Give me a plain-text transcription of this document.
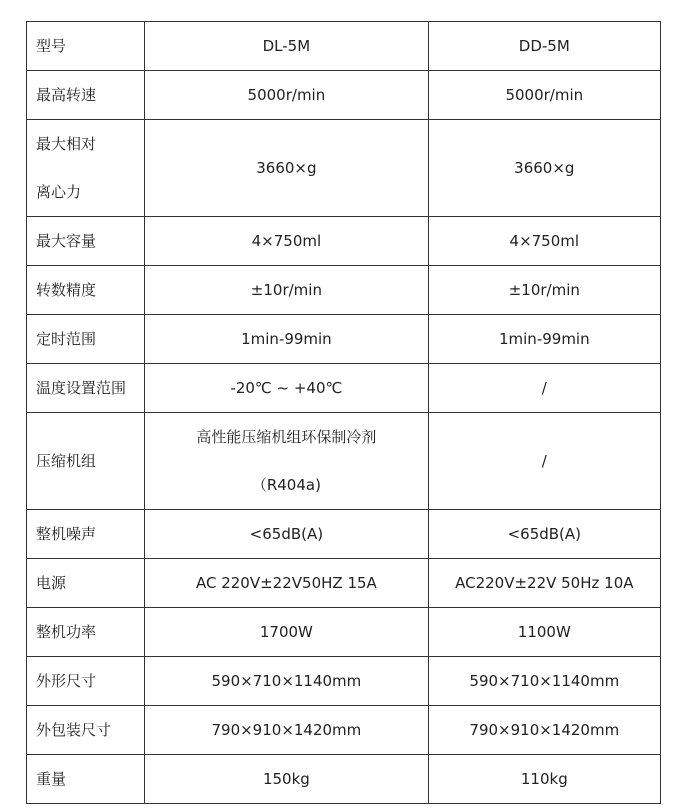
型号	DL-5M	DD-5M

最高转速	5000r/min	5000r/min

最大相对
离心力	3660×g	3660×g

最大容量	4×750ml	4×750ml

转数精度	±10r/min	±10r/min

定时范围	1min-99min	1min-99min

温度设置范围	-20℃ ~ +40℃	/

压缩机组	高性能压缩机组环保制冷剂
（R404a)	/

整机噪声	<65dB(A)	<65dB(A)

电源	AC 220V±22V50HZ 15A	AC220V±22V 50Hz 10A

整机功率	1700W	1100W

外形尺寸	590×710×1140mm	590×710×1140mm

外包装尺寸	790×910×1420mm	790×910×1420mm

重量	150kg	110kg
